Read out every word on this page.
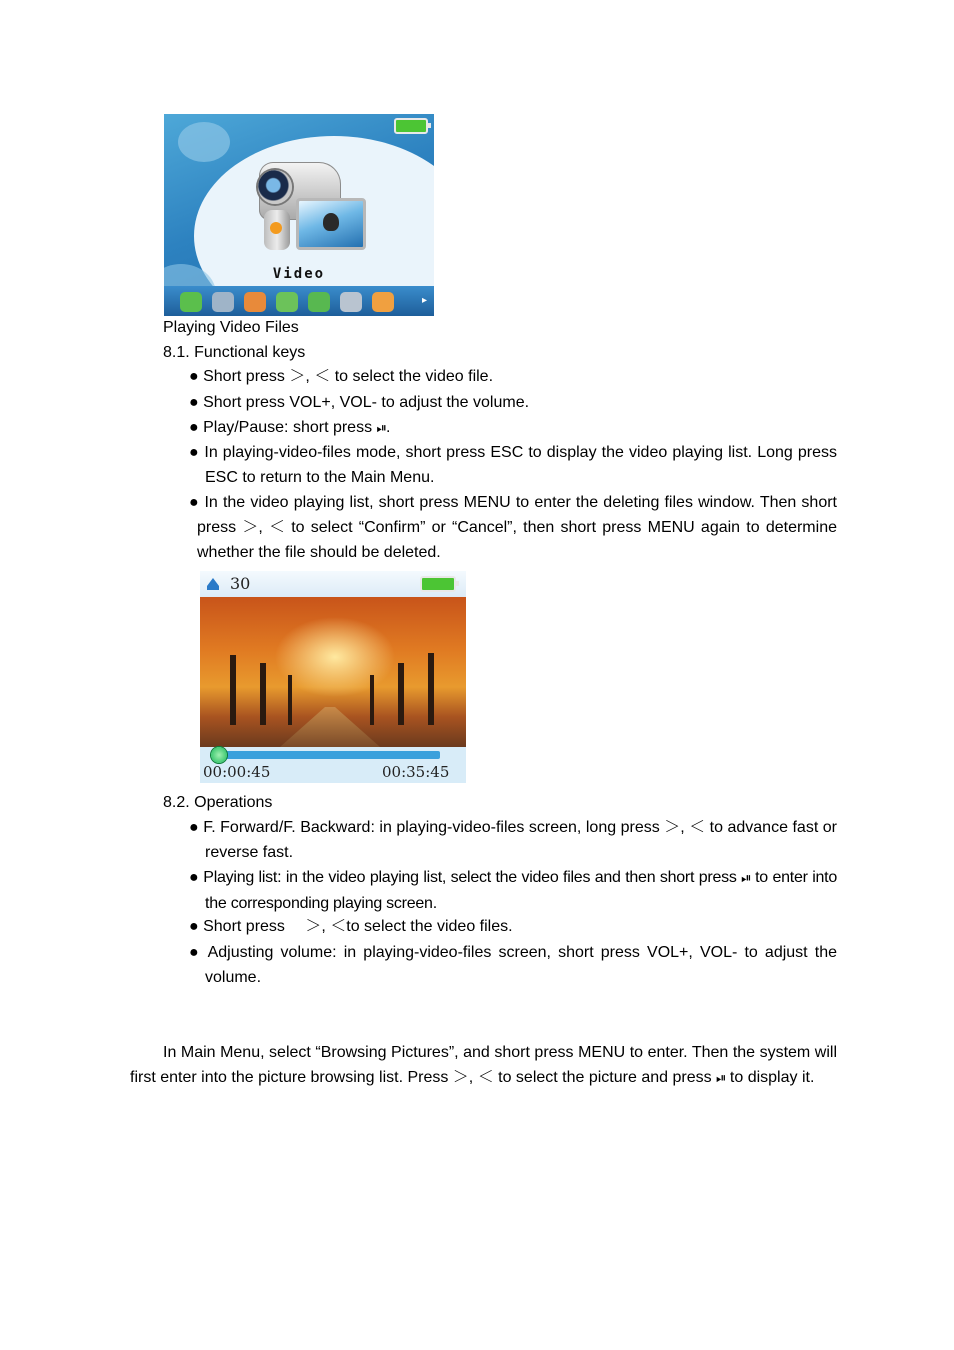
Video
▸
Playing Video Files
8.1. Functional keys
● Short press ＞, ＜ to select the video file.
● Short press VOL+, VOL- to adjust the volume.
● Play/Pause: short press ⏯.
● In playing-video-files mode, short press ESC to display the video playing list. Long press ESC to return to the Main Menu.
● In the video playing list, short press MENU to enter the deleting files window. Then short press ＞, ＜ to select “Confirm” or “Cancel”, then short press MENU again to determine whether the file should be deleted.
30
00:00:45	00:35:45
8.2. Operations
● F. Forward/F. Backward: in playing-video-files screen, long press ＞, ＜ to advance fast or reverse fast.
● Playing list: in the video playing list, select the video files and then short press ⏯ to enter into the corresponding playing screen.
● Short press 　＞, ＜to select the video files.
● Adjusting volume: in playing-video-files screen, short press VOL+, VOL- to adjust the volume.
In Main Menu, select “Browsing Pictures”, and short press MENU to enter. Then the system will first enter into the picture browsing list. Press ＞, ＜ to select the picture and press ⏯ to display it.
